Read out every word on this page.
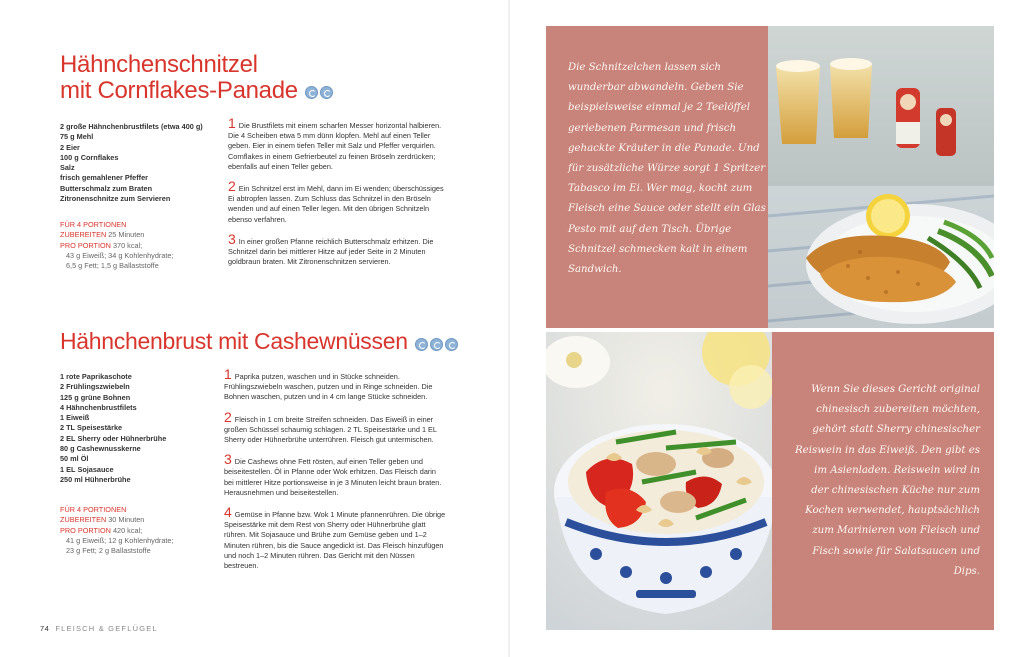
Hähnchenschnitzel
mit Cornflakes-Panade
2 große Hähnchenbrustfilets (etwa 400 g)
75 g Mehl
2 Eier
100 g Cornflakes
Salz
frisch gemahlener Pfeffer
Butterschmalz zum Braten
Zitronenschnitze zum Servieren
FÜR 4 PORTIONEN
ZUBEREITEN 25 Minuten
PRO PORTION 370 kcal;
43 g Eiweiß; 34 g Kohlenhydrate;
6,5 g Fett; 1,5 g Ballaststoffe
1 Die Brustfilets mit einem scharfen Messer horizontal halbieren. Die 4 Scheiben etwa 5 mm dünn klopfen. Mehl auf einen Teller geben. Eier in einem tiefen Teller mit Salz und Pfeffer verquirlen. Cornflakes in einem Gefrierbeutel zu feinen Bröseln zerdrücken; ebenfalls auf einen Teller geben.
2 Ein Schnitzel erst im Mehl, dann im Ei wenden; überschüssiges Ei abtropfen lassen. Zum Schluss das Schnitzel in den Bröseln wenden und auf einen Teller legen. Mit den übrigen Schnitzeln ebenso verfahren.
3 In einer großen Pfanne reichlich Butterschmalz erhitzen. Die Schnitzel darin bei mittlerer Hitze auf jeder Seite in 2 Minuten goldbraun braten. Mit Zitronenschnitzen servieren.
Hähnchenbrust mit Cashewnüssen
1 rote Paprikaschote
2 Frühlingszwiebeln
125 g grüne Bohnen
4 Hähnchenbrustfilets
1 Eiweiß
2 TL Speisestärke
2 EL Sherry oder Hühnerbrühe
80 g Cashewnusskerne
50 ml Öl
1 EL Sojasauce
250 ml Hühnerbrühe
FÜR 4 PORTIONEN
ZUBEREITEN 30 Minuten
PRO PORTION 420 kcal;
41 g Eiweiß; 12 g Kohlenhydrate;
23 g Fett; 2 g Ballaststoffe
1 Paprika putzen, waschen und in Stücke schneiden. Frühlingszwiebeln waschen, putzen und in Ringe schneiden. Die Bohnen waschen, putzen und in 4 cm lange Stücke schneiden.
2 Fleisch in 1 cm breite Streifen schneiden. Das Eiweiß in einer großen Schüssel schaumig schlagen. 2 TL Speisestärke und 1 EL Sherry oder Hühnerbrühe unterrühren. Fleisch gut untermischen.
3 Die Cashews ohne Fett rösten, auf einen Teller geben und beiseitestellen. Öl in Pfanne oder Wok erhitzen. Das Fleisch darin bei mittlerer Hitze portionsweise in je 3 Minuten leicht braun braten. Herausnehmen und beiseitestellen.
4 Gemüse in Pfanne bzw. Wok 1 Minute pfannenrühren. Die übrige Speisestärke mit dem Rest von Sherry oder Hühnerbrühe glatt rühren. Mit Sojasauce und Brühe zum Gemüse geben und 1–2 Minuten rühren, bis die Sauce angedickt ist. Das Fleisch hinzufügen und noch 1–2 Minuten rühren. Das Gericht mit den Nüssen bestreuen.
74 FLEISCH & GEFLÜGEL
Die Schnitzelchen lassen sich wunderbar abwandeln. Geben Sie beispielsweise einmal je 2 Teelöffel geriebenen Parmesan und frisch gehackte Kräuter in die Panade. Und für zusätzliche Würze sorgt 1 Spritzer Tabasco im Ei. Wer mag, kocht zum Fleisch eine Sauce oder stellt ein Glas Pesto mit auf den Tisch. Übrige Schnitzel schmecken kalt in einem Sandwich.
Wenn Sie dieses Gericht original chinesisch zubereiten möchten, gehört statt Sherry chinesischer Reiswein in das Eiweiß. Den gibt es im Asienladen. Reiswein wird in der chinesischen Küche nur zum Kochen verwendet, hauptsächlich zum Marinieren von Fleisch und Fisch sowie für Salatsaucen und Dips.
